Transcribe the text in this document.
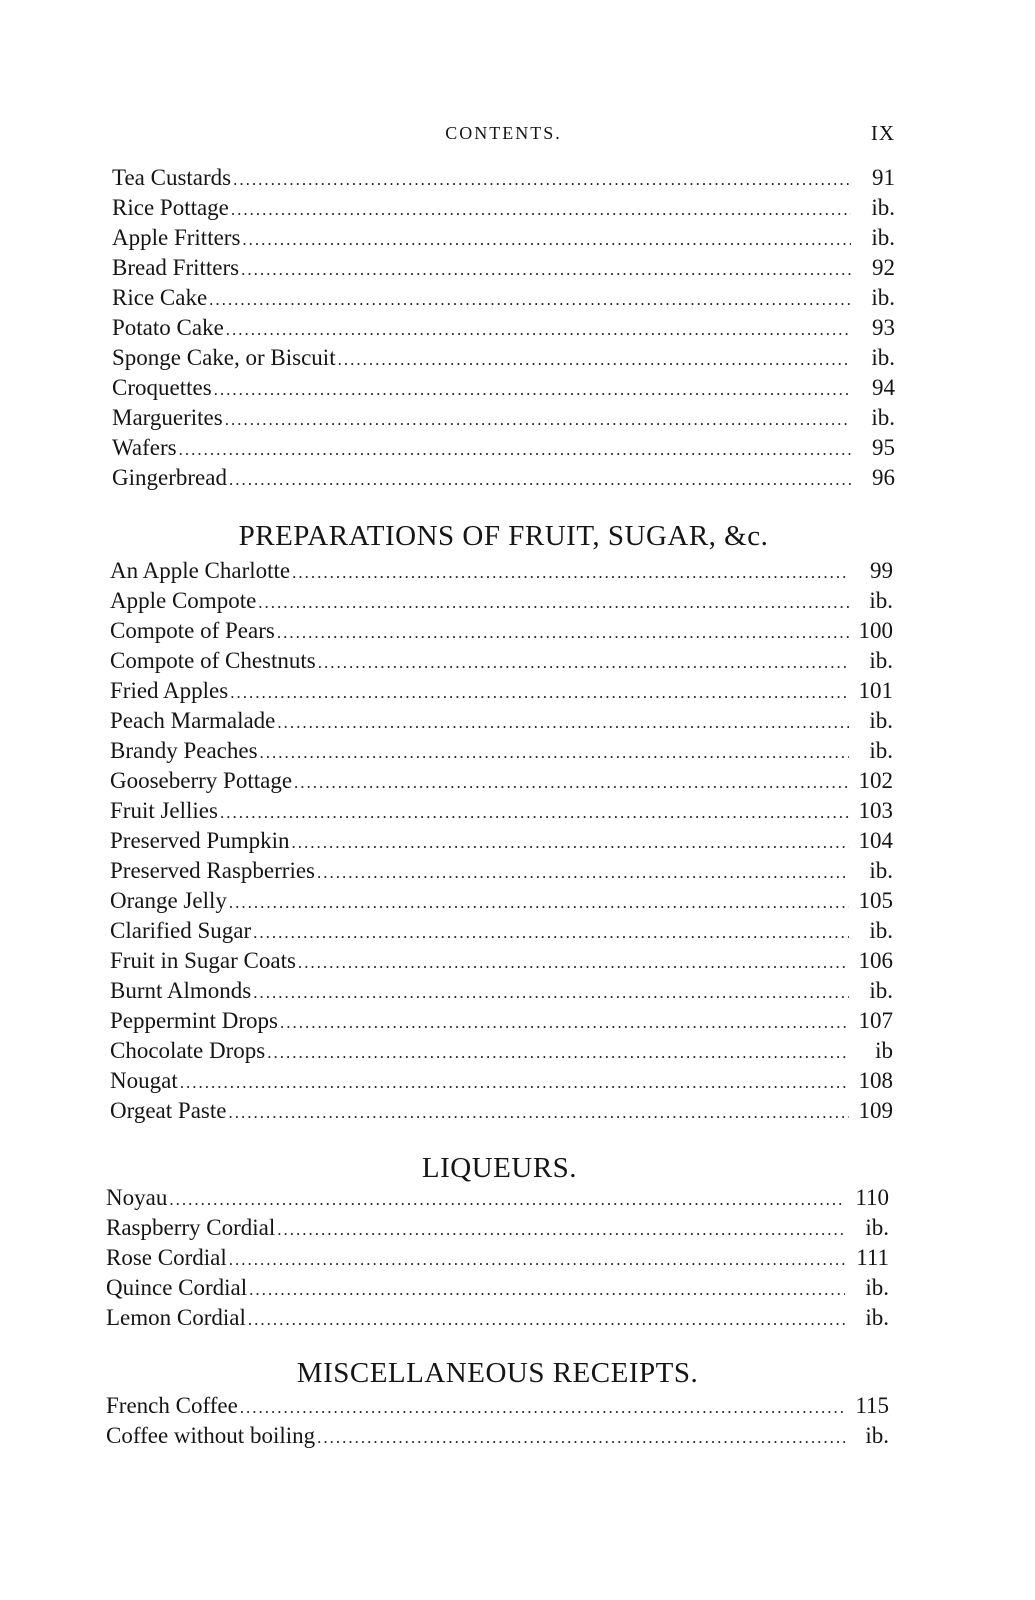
CONTENTS.	IX
Tea Custards .....	91
Rice Pottage .....	ib.
Apple Fritters .....	ib.
Bread Fritters .....	92
Rice Cake .....	ib.
Potato Cake .....	93
Sponge Cake, or Biscuit .....	ib.
Croquettes .....	94
Marguerites .....	ib.
Wafers .....	95
Gingerbread .....	96
PREPARATIONS OF FRUIT, SUGAR, &c.
An Apple Charlotte .....	99
Apple Compote .....	ib.
Compote of Pears .....	100
Compote of Chestnuts .....	ib.
Fried Apples .....	101
Peach Marmalade .....	ib.
Brandy Peaches .....	ib.
Gooseberry Pottage .....	102
Fruit Jellies .....	103
Preserved Pumpkin .....	104
Preserved Raspberries .....	ib.
Orange Jelly .....	105
Clarified Sugar .....	ib.
Fruit in Sugar Coats .....	106
Burnt Almonds .....	ib.
Peppermint Drops .....	107
Chocolate Drops .....	ib
Nougat .....	108
Orgeat Paste .....	109
LIQUEURS.
Noyau .....	110
Raspberry Cordial .....	ib.
Rose Cordial .....	111
Quince Cordial .....	ib.
Lemon Cordial .....	ib.
MISCELLANEOUS RECEIPTS.
French Coffee .....	115
Coffee without boiling .....	ib.
